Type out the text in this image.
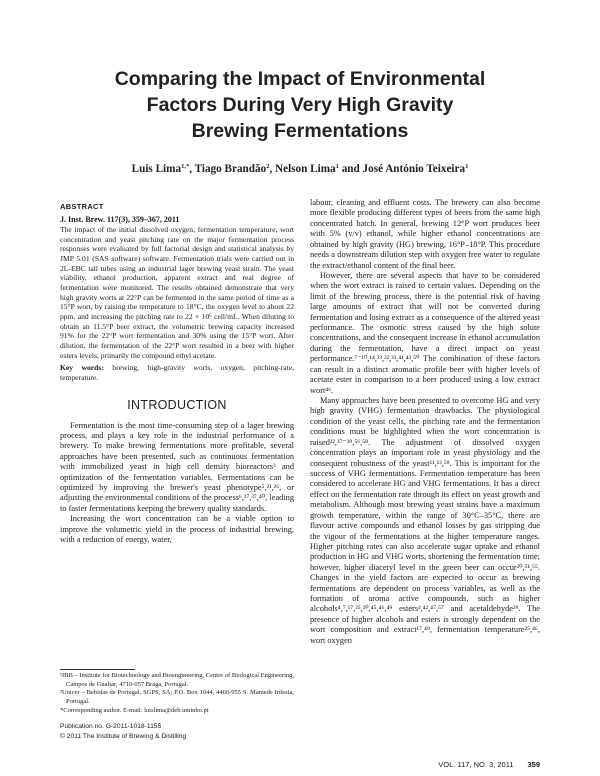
Comparing the Impact of Environmental
Factors During Very High Gravity
Brewing Fermentations
Luis Lima$^{1,*}$, Tiago Brandão$^2$, Nelson Lima$^1$ and José António Teixeira$^1$
ABSTRACT

J. Inst. Brew. 117(3), 359–367, 2011

The impact of the initial dissolved oxygen, fermentation temperature, wort concentration and yeast pitching rate on the major fermentation process responses were evaluated by full factorial design and statistical analysis by JMP 5.01 (SAS software) software. Fermentation trials were carried out in 2L-EBC tall tubes using an industrial lager brewing yeast strain. The yeast viability, ethanol production, apparent extract and real degree of fermentation were monitored. The results obtained demonstrate that very high gravity worts at 22°P can be fermented in the same period of time as a 15°P wort, by raising the temperature to 18°C, the oxygen level to about 22 ppm, and increasing the pitching rate to 22 × 10⁶ cell/mL. When diluting to obtain an 11.5°P beer extract, the volumetric brewing capacity increased 91% for the 22°P wort fermentation and 30% using the 15°P wort. After dilution, the fermentation of the 22°P wort resulted in a beer with higher esters levels, primarily the compound ethyl acetate.

Key words: brewing, high-gravity worts, oxygen, pitching-rate, temperature.

INTRODUCTION

Fermentation is the most time-consuming step of a lager brewing process, and plays a key role in the industrial performance of a brewery. To make brewing fermentations more profitable, several approaches have been presented, such as continuous fermentation with immobilized yeast in high cell density bioreactors³ and optimization of the fermentation variables. Fermentations can be optimized by improving the brewer's yeast phenotype⁵,²¹,²⁶, or adjusting the environmental conditions of the process⁶,²⁷,³⁷,⁴⁰, leading to faster fermentations keeping the brewery quality standards.

Increasing the wort concentration can be a viable option to improve the volumetric yield in the process of industrial brewing, with a reduction of energy, water,

¹IBB – Institute for Biotechnology and Bioengineering, Centre of Biological Engineering, Campos de Gualtar, 4710-057 Braga, Portugal.

²Unicer – Bebidas de Portugal, SGPS, SA; P.O. Box 1044, 4466-955 S. Mamede Infesta, Portugal.

*Corresponding author. E-mail: luislima@deb.uminho.pt

Publication no. G-2011-1018-1155
© 2011 The Institute of Brewing & Distilling

labour, cleaning and effluent costs. The brewery can also become more flexible producing different types of beers from the same high concentrated batch. In general, brewing 12°P wort produces beer with 5% (v/v) ethanol, while higher ethanol concentrations are obtained by high gravity (HG) brewing, 16°P–18°P. This procedure needs a downstream dilution step with oxygen free water to regulate the extract/ethanol content of the final beer.

However, there are several aspects that have to be considered when the wort extract is raised to certain values. Depending on the limit of the brewing process, there is the potential risk of having large amounts of extract that will not be converted during fermentation and losing extract as a consequence of the altered yeast performance. The osmotic stress caused by the high solute concentrations, and the consequent increase in ethanol accumulation during the fermentation, have a direct impact on yeast performance.⁷⁻¹⁰,¹⁴,²³,³²,³³,⁴¹,⁴³,⁵⁰ The combination of these factors can result in a distinct aromatic profile beer with higher levels of acetate ester in comparison to a beer produced using a low extract wort⁴⁶.

Many approaches have been presented to overcome HG and very high gravity (VHG) fermentation drawbacks. The physiological condition of the yeast cells, the pitching rate and the fermentation conditions must be highlighted when the wort concentration is raised²²,³⁷⁻³⁹,⁵⁶,⁵⁸. The adjustment of dissolved oxygen concentration plays an important role in yeast physiology and the consequent robustness of the yeast¹¹,¹³,⁵⁸. This is important for the success of VHG fermentations. Fermentation temperature has been considered to accelerate HG and VHG fermentations. It has a direct effect on the fermentation rate through its effect on yeast growth and metabolism. Although most brewing yeast strains have a maximum growth temperature, within the range of 30°C–35°C, there are flavour active compounds and ethanol losses by gas stripping due the vigour of the fermentations at the higher temperature ranges. Higher pitching rates can also accelerate sugar uptake and ethanol production in HG and VHG worts, shortening the fermentation time; however, higher diacetyl level in the green beer can occur²⁰,⁵¹,⁵⁵. Changes in the yield factors are expected to occur as brewing fermentations are dependent on process variables, as well as the formation of aroma active compounds, such as higher alcohols⁴,⁷,¹⁷,²⁵,³⁰,⁴⁵,⁴⁶,⁴⁹ esters²,⁴²,⁴⁷,⁵⁷ and acetaldehyde²⁹. The presence of higher alcohols and esters is strongly dependent on the wort composition and extract¹⁷,⁴⁹, fermentation temperature²⁵,⁴⁶, wort oxygen

VOL. 117, NO. 3, 2011 359
